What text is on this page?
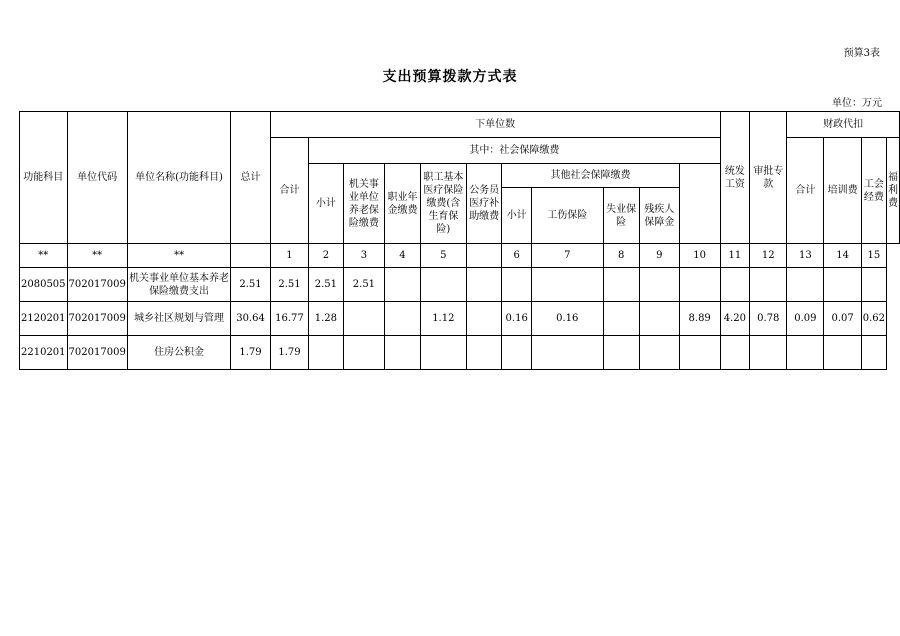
预算3表
支出预算拨款方式表
单位：万元
功能科目	单位代码	单位名称(功能科目)	总计	下单位数											统发工资	审批专款	财政代扣			
				合计	其中：社会保障缴费												合计	培训费	工会经费	福利费
					小计	机关事业单位养老保险缴费	职业年金缴费	职工基本医疗保险缴费(含生育保险)	公务员医疗补助缴费	其他社会保障缴费										
										小计	工伤保险	失业保险	残疾人保障金							
**	**	**		1	2	3	4	5		6	7	8	9	10	11	12	13	14	15	
2080505	702017009	机关事业单位基本养老保险缴费支出	2.51	2.51	2.51	2.51														
2120201	702017009	城乡社区规划与管理	30.64	16.77	1.28			1.12		0.16	0.16			8.89	4.20	0.78	0.09	0.07	0.62	
2210201	702017009	住房公积金	1.79	1.79																
